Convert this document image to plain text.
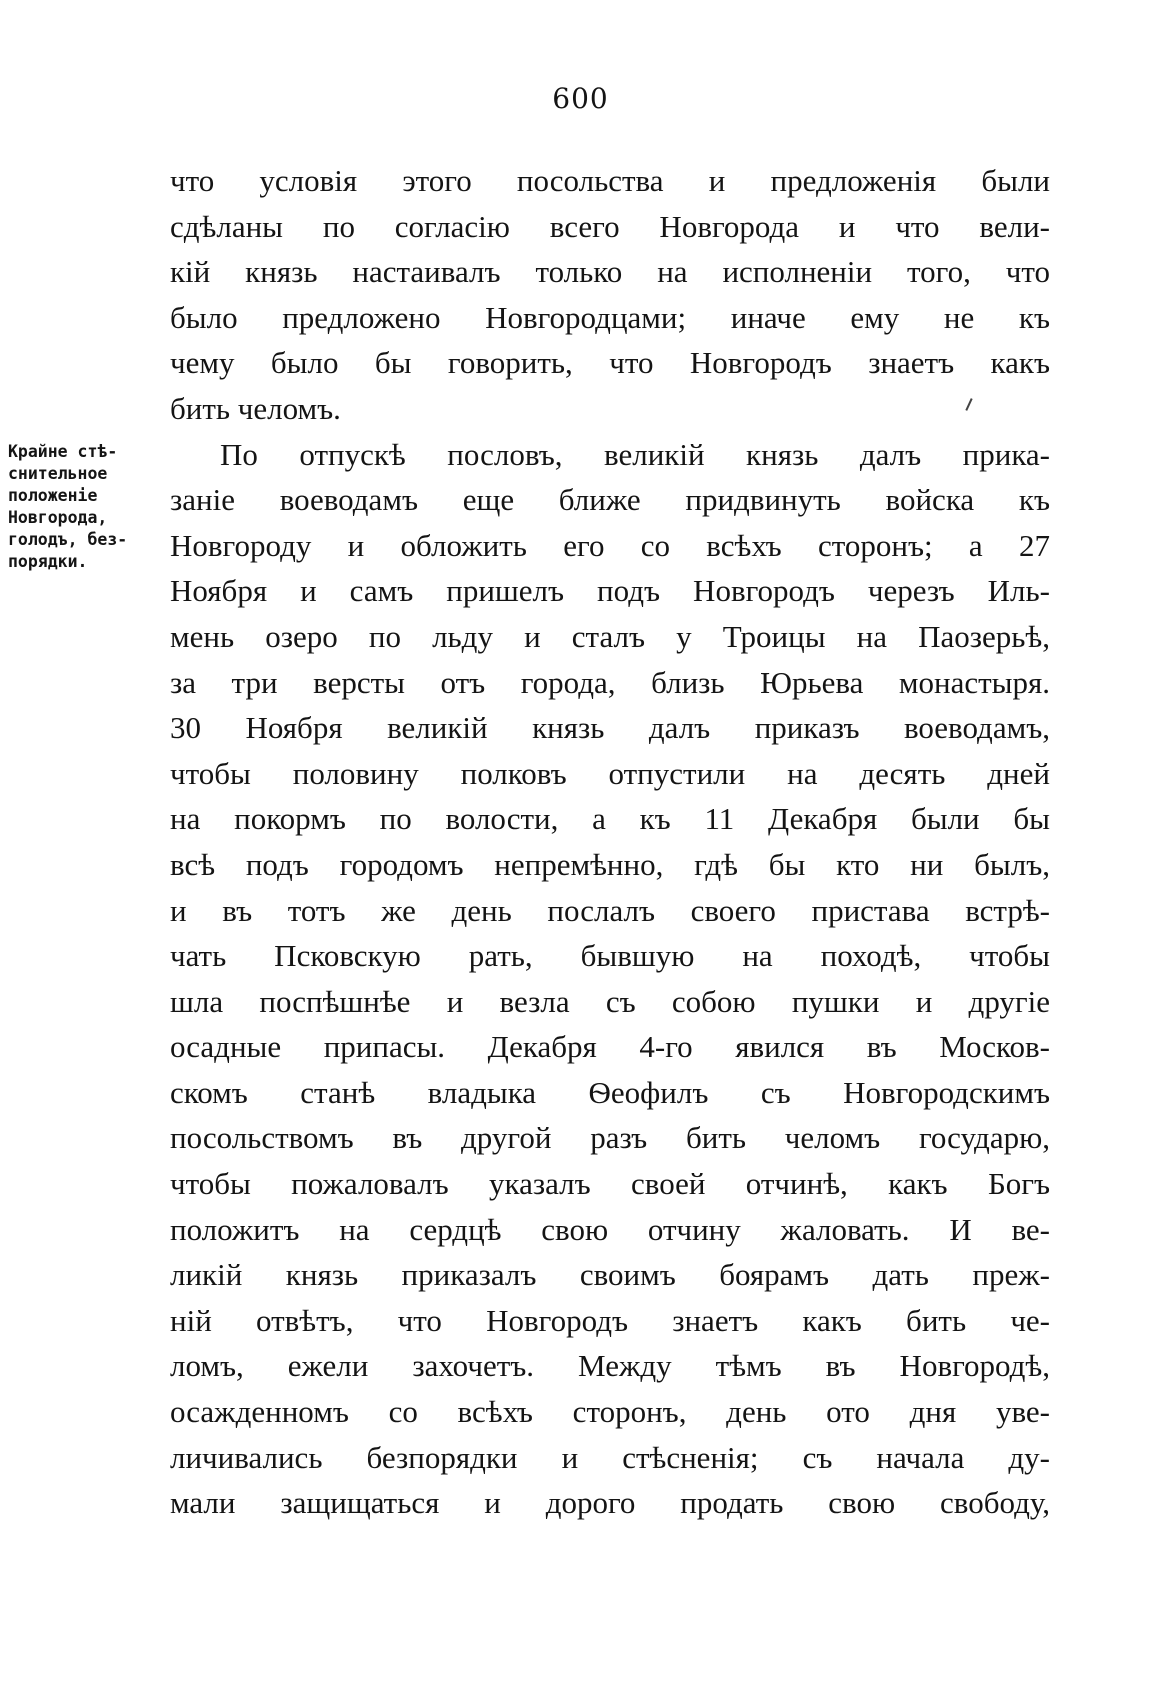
600
Крайне стѣ-
снительное
положеніе
Новгорода,
голодъ, без-
порядки.
что условія этого посольства и предложенія были
сдѣланы по согласію всего Новгорода и что вели-
кій князь настаивалъ только на исполненіи того, что
было предложено Новгородцами; иначе ему не къ
чему было бы говорить, что Новгородъ знаетъ какъ
бить челомъ.
По отпускѣ пословъ, великій князь далъ прика-
заніе воеводамъ еще ближе придвинуть войска къ
Новгороду и обложить его со всѣхъ сторонъ; а 27
Ноября и самъ пришелъ подъ Новгородъ черезъ Иль-
мень озеро по льду и сталъ у Троицы на Паозерьѣ,
за три версты отъ города, близь Юрьева монастыря.
30 Ноября великій князь далъ приказъ воеводамъ,
чтобы половину полковъ отпустили на десять дней
на покормъ по волости, а къ 11 Декабря были бы
всѣ подъ городомъ непремѣнно, гдѣ бы кто ни былъ,
и въ тотъ же день послалъ своего пристава встрѣ-
чать Псковскую рать, бывшую на походѣ, чтобы
шла поспѣшнѣе и везла съ собою пушки и другіе
осадные припасы. Декабря 4-го явился въ Москов-
скомъ станѣ владыка Ѳеофилъ съ Новгородскимъ
посольствомъ въ другой разъ бить челомъ государю,
чтобы пожаловалъ указалъ своей отчинѣ, какъ Богъ
положитъ на сердцѣ свою отчину жаловать. И ве-
ликій князь приказалъ своимъ боярамъ дать преж-
ній отвѣтъ, что Новгородъ знаетъ какъ бить че-
ломъ, ежели захочетъ. Между тѣмъ въ Новгородѣ,
осажденномъ со всѣхъ сторонъ, день ото дня уве-
личивались безпорядки и стѣсненія; съ начала ду-
мали защищаться и дорого продать свою свободу,
